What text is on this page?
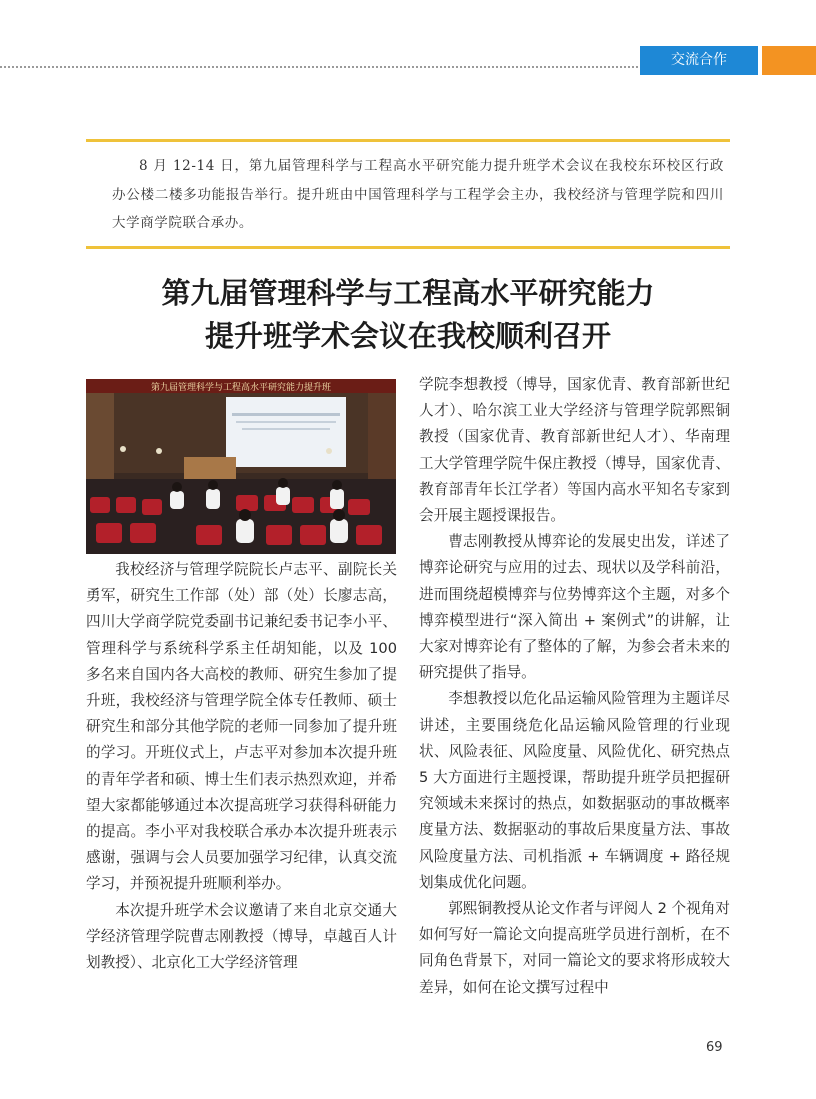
交流合作
8 月 12-14 日，第九届管理科学与工程高水平研究能力提升班学术会议在我校东环校区行政办公楼二楼多功能报告举行。提升班由中国管理科学与工程学会主办，我校经济与管理学院和四川大学商学院联合承办。
第九届管理科学与工程高水平研究能力
提升班学术会议在我校顺利召开
第九届管理科学与工程高水平研究能力提升班

我校经济与管理学院院长卢志平、副院长关勇军，研究生工作部（处）部（处）长廖志高，四川大学商学院党委副书记兼纪委书记李小平、管理科学与系统科学系主任胡知能，以及 100 多名来自国内各大高校的教师、研究生参加了提升班，我校经济与管理学院全体专任教师、硕士研究生和部分其他学院的老师一同参加了提升班的学习。开班仪式上，卢志平对参加本次提升班的青年学者和硕、博士生们表示热烈欢迎，并希望大家都能够通过本次提高班学习获得科研能力的提高。李小平对我校联合承办本次提升班表示感谢，强调与会人员要加强学习纪律，认真交流学习，并预祝提升班顺利举办。

本次提升班学术会议邀请了来自北京交通大学经济管理学院曹志刚教授（博导，卓越百人计划教授）、北京化工大学经济管理

学院李想教授（博导，国家优青、教育部新世纪人才）、哈尔滨工业大学经济与管理学院郭熙铜教授（国家优青、教育部新世纪人才）、华南理工大学管理学院牛保庄教授（博导，国家优青、教育部青年长江学者）等国内高水平知名专家到会开展主题授课报告。

曹志刚教授从博弈论的发展史出发，详述了博弈论研究与应用的过去、现状以及学科前沿，进而围绕超模博弈与位势博弈这个主题，对多个博弈模型进行“深入简出 + 案例式”的讲解，让大家对博弈论有了整体的了解，为参会者未来的研究提供了指导。

李想教授以危化品运输风险管理为主题详尽讲述，主要围绕危化品运输风险管理的行业现状、风险表征、风险度量、风险优化、研究热点 5 大方面进行主题授课，帮助提升班学员把握研究领域未来探讨的热点，如数据驱动的事故概率度量方法、数据驱动的事故后果度量方法、事故风险度量方法、司机指派 + 车辆调度 + 路径规划集成优化问题。

郭熙铜教授从论文作者与评阅人 2 个视角对如何写好一篇论文向提高班学员进行剖析，在不同角色背景下，对同一篇论文的要求将形成较大差异，如何在论文撰写过程中

69
